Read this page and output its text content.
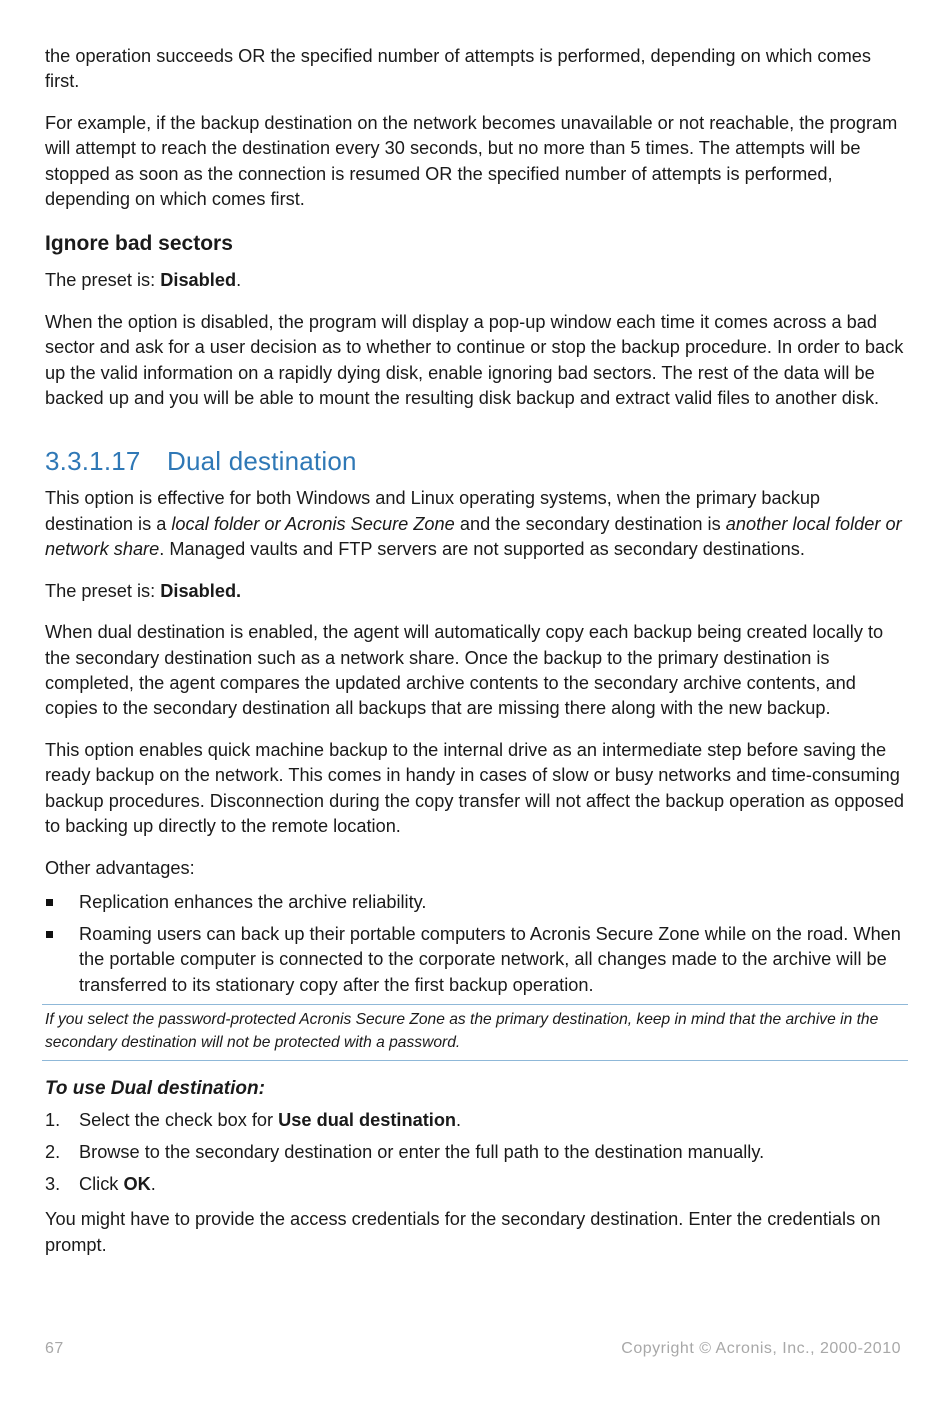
the operation succeeds OR the specified number of attempts is performed, depending on which comes first.

For example, if the backup destination on the network becomes unavailable or not reachable, the program will attempt to reach the destination every 30 seconds, but no more than 5 times. The attempts will be stopped as soon as the connection is resumed OR the specified number of attempts is performed, depending on which comes first.

Ignore bad sectors

The preset is: Disabled.

When the option is disabled, the program will display a pop-up window each time it comes across a bad sector and ask for a user decision as to whether to continue or stop the backup procedure. In order to back up the valid information on a rapidly dying disk, enable ignoring bad sectors. The rest of the data will be backed up and you will be able to mount the resulting disk backup and extract valid files to another disk.

3.3.1.17 Dual destination

This option is effective for both Windows and Linux operating systems, when the primary backup destination is a local folder or Acronis Secure Zone and the secondary destination is another local folder or network share. Managed vaults and FTP servers are not supported as secondary destinations.

The preset is: Disabled.

When dual destination is enabled, the agent will automatically copy each backup being created locally to the secondary destination such as a network share. Once the backup to the primary destination is completed, the agent compares the updated archive contents to the secondary archive contents, and copies to the secondary destination all backups that are missing there along with the new backup.

This option enables quick machine backup to the internal drive as an intermediate step before saving the ready backup on the network. This comes in handy in cases of slow or busy networks and time-consuming backup procedures. Disconnection during the copy transfer will not affect the backup operation as opposed to backing up directly to the remote location.

Other advantages:

Replication enhances the archive reliability.
Roaming users can back up their portable computers to Acronis Secure Zone while on the road. When the portable computer is connected to the corporate network, all changes made to the archive will be transferred to its stationary copy after the first backup operation.
If you select the password-protected Acronis Secure Zone as the primary destination, keep in mind that the archive in the secondary destination will not be protected with a password.
To use Dual destination:
1. Select the check box for Use dual destination.
2. Browse to the secondary destination or enter the full path to the destination manually.
3. Click OK.

You might have to provide the access credentials for the secondary destination. Enter the credentials on prompt.

67	Copyright © Acronis, Inc., 2000-2010
